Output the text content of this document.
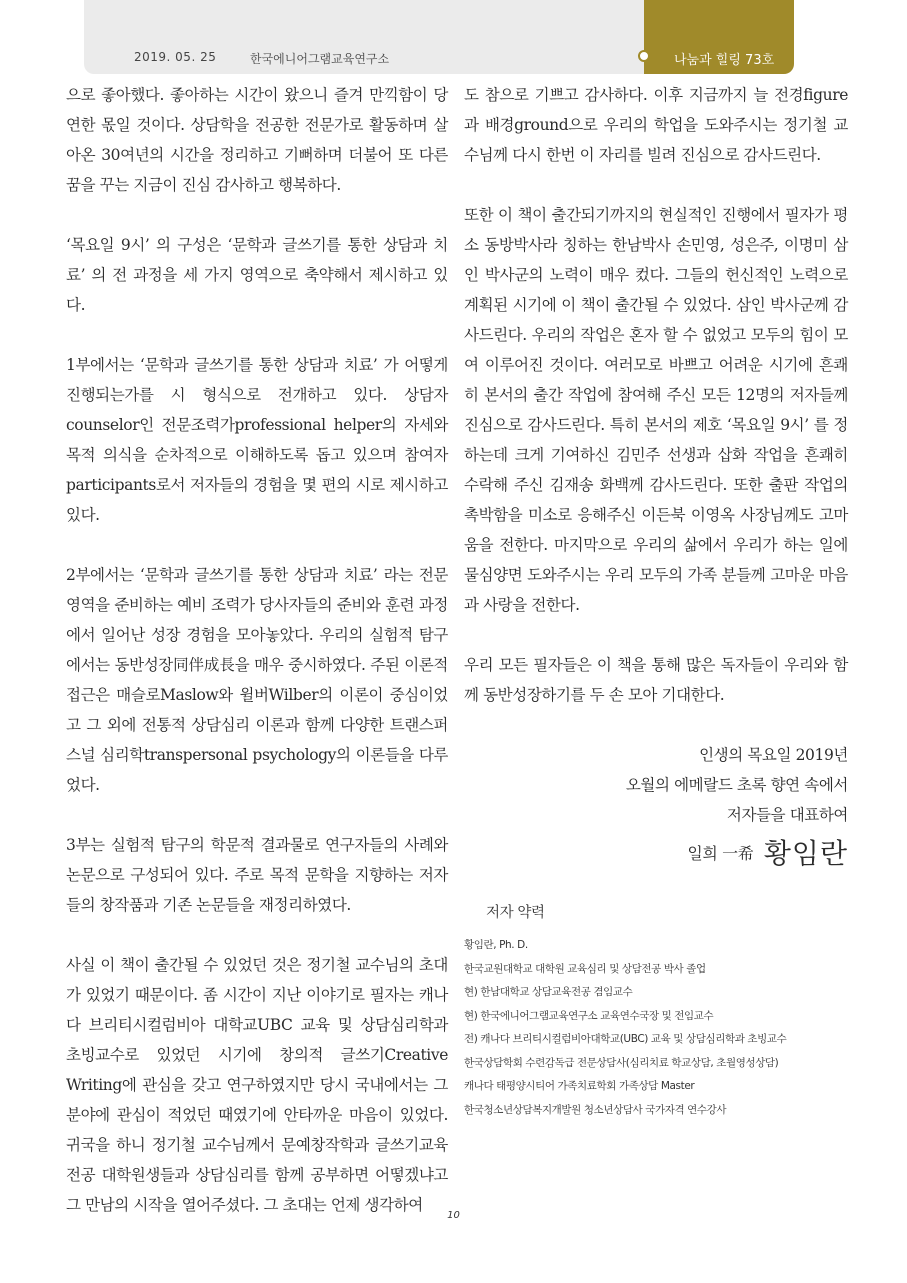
2019. 05. 25	한국에니어그램교육연구소	나눔과 힐링 73호

으로 좋아했다. 좋아하는 시간이 왔으니 즐겨 만끽함이 당연한 몫일 것이다. 상담학을 전공한 전문가로 활동하며 살아온 30여년의 시간을 정리하고 기뻐하며 더불어 또 다른 꿈을 꾸는 지금이 진심 감사하고 행복하다.

‘목요일 9시’ 의 구성은 ‘문학과 글쓰기를 통한 상담과 치료’ 의 전 과정을 세 가지 영역으로 축약해서 제시하고 있다.

1부에서는 ‘문학과 글쓰기를 통한 상담과 치료’ 가 어떻게 진행되는가를 시 형식으로 전개하고 있다. 상담자counselor인 전문조력가professional helper의 자세와 목적 의식을 순차적으로 이해하도록 돕고 있으며 참여자participants로서 저자들의 경험을 몇 편의 시로 제시하고 있다.

2부에서는 ‘문학과 글쓰기를 통한 상담과 치료’ 라는 전문 영역을 준비하는 예비 조력가 당사자들의 준비와 훈련 과정에서 일어난 성장 경험을 모아놓았다. 우리의 실험적 탐구에서는 동반성장同伴成長을 매우 중시하였다. 주된 이론적 접근은 매슬로Maslow와 윌버Wilber의 이론이 중심이었고 그 외에 전통적 상담심리 이론과 함께 다양한 트랜스퍼스널 심리학transpersonal psychology의 이론들을 다루었다.

3부는 실험적 탐구의 학문적 결과물로 연구자들의 사례와 논문으로 구성되어 있다. 주로 목적 문학을 지향하는 저자들의 창작품과 기존 논문들을 재정리하였다.

사실 이 책이 출간될 수 있었던 것은 정기철 교수님의 초대가 있었기 때문이다. 좀 시간이 지난 이야기로 필자는 캐나다 브리티시컬럼비아 대학교UBC 교육 및 상담심리학과 초빙교수로 있었던 시기에 창의적 글쓰기Creative Writing에 관심을 갖고 연구하였지만 당시 국내에서는 그 분야에 관심이 적었던 때였기에 안타까운 마음이 있었다. 귀국을 하니 정기철 교수님께서 문예창작학과 글쓰기교육전공 대학원생들과 상담심리를 함께 공부하면 어떻겠냐고 그 만남의 시작을 열어주셨다. 그 초대는 언제 생각하여

도 참으로 기쁘고 감사하다. 이후 지금까지 늘 전경figure과 배경ground으로 우리의 학업을 도와주시는 정기철 교수님께 다시 한번 이 자리를 빌려 진심으로 감사드린다.

또한 이 책이 출간되기까지의 현실적인 진행에서 필자가 평소 동방박사라 칭하는 한남박사 손민영, 성은주, 이명미 삼인 박사군의 노력이 매우 컸다. 그들의 헌신적인 노력으로 계획된 시기에 이 책이 출간될 수 있었다. 삼인 박사군께 감사드린다. 우리의 작업은 혼자 할 수 없었고 모두의 힘이 모여 이루어진 것이다. 여러모로 바쁘고 어려운 시기에 흔쾌히 본서의 출간 작업에 참여해 주신 모든 12명의 저자들께 진심으로 감사드린다. 특히 본서의 제호 ‘목요일 9시’ 를 정하는데 크게 기여하신 김민주 선생과 삽화 작업을 흔쾌히 수락해 주신 김재송 화백께 감사드린다. 또한 출판 작업의 촉박함을 미소로 응해주신 이든북 이영옥 사장님께도 고마움을 전한다. 마지막으로 우리의 삶에서 우리가 하는 일에 물심양면 도와주시는 우리 모두의 가족 분들께 고마운 마음과 사랑을 전한다.

우리 모든 필자들은 이 책을 통해 많은 독자들이 우리와 함께 동반성장하기를 두 손 모아 기대한다.

인생의 목요일 2019년
오월의 에메랄드 초록 향연 속에서
저자들을 대표하여
일희 一希 황임란
저자 약력
황임란, Ph. D.
한국교원대학교 대학원 교육심리 및 상담전공 박사 졸업
현) 한남대학교 상담교육전공 겸임교수
현) 한국에니어그램교육연구소 교육연수국장 및 전임교수
전) 캐나다 브리티시컬럼비아대학교(UBC) 교육 및 상담심리학과 초빙교수
한국상담학회 수련감독급 전문상담사(심리치료 학교상담, 초월영성상담)
캐나다 태평양시티어 가족치료학회 가족상담 Master
한국청소년상담복지개발원 청소년상담사 국가자격 연수강사
10
